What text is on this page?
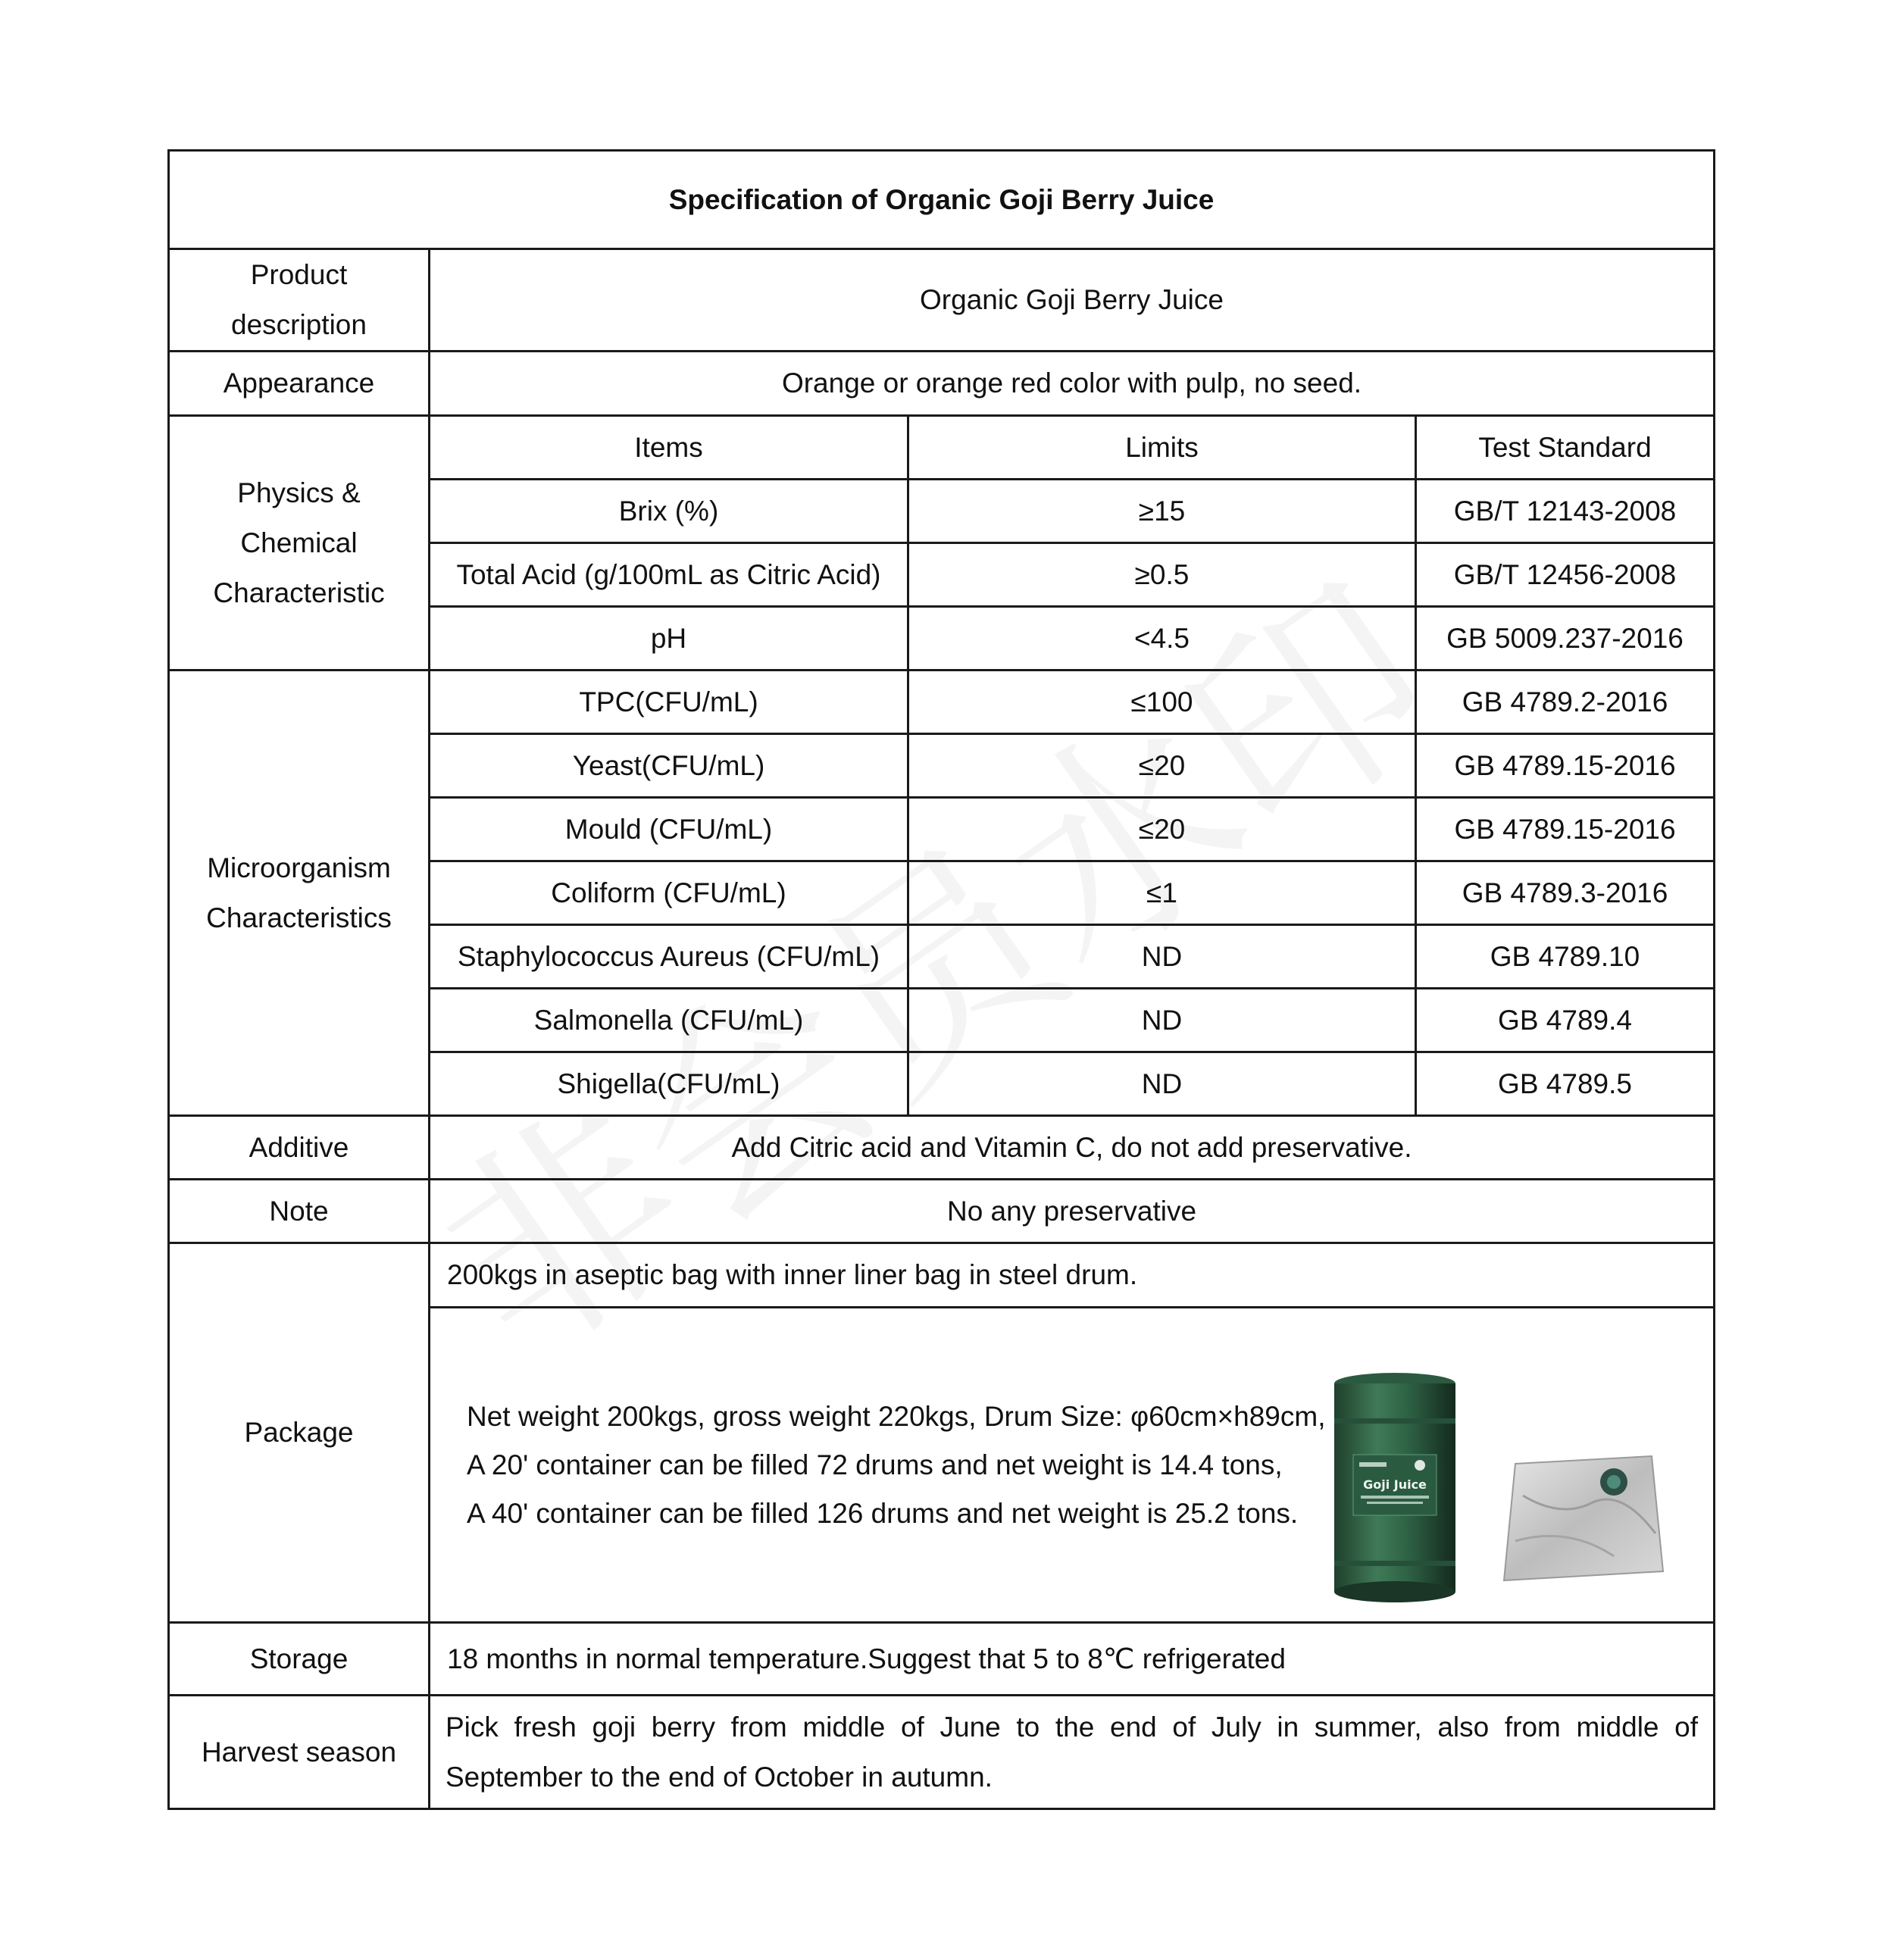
Specification of Organic Goji Berry Juice			

Product description	Organic Goji Berry Juice		
Appearance	Orange or orange red color with pulp, no seed.		

Physics & Chemical Characteristic	Items	Limits	Test Standard
	Brix (%)	≥15	GB/T 12143-2008
	Total Acid (g/100mL as Citric Acid)	≥0.5	GB/T 12456-2008
	pH	<4.5	GB 5009.237-2016

Microorganism Characteristics	TPC(CFU/mL)	≤100	GB 4789.2-2016
	Yeast(CFU/mL)	≤20	GB 4789.15-2016
	Mould (CFU/mL)	≤20	GB 4789.15-2016
	Coliform (CFU/mL)	≤1	GB 4789.3-2016
	Staphylococcus Aureus (CFU/mL)	ND	GB 4789.10
	Salmonella (CFU/mL)	ND	GB 4789.4
	Shigella(CFU/mL)	ND	GB 4789.5
Additive	Add Citric acid and Vitamin C, do not add preservative.		
Note	No any preservative		
Package	200kgs in aseptic bag with inner liner bag in steel drum.		

	Net weight 200kgs, gross weight 220kgs, Drum Size: φ60cm×h89cm,
A 20' container can be filled 72 drums and net weight is 14.4 tons,
A 40' container can be filled 126 drums and net weight is 25.2 tons.
Goji Juice		

Storage	18 months in normal temperature.Suggest that 5 to 8℃ refrigerated		
Harvest season	Pick fresh goji berry from middle of June to the end of July in summer, also from middle of September to the end of October in autumn.		
